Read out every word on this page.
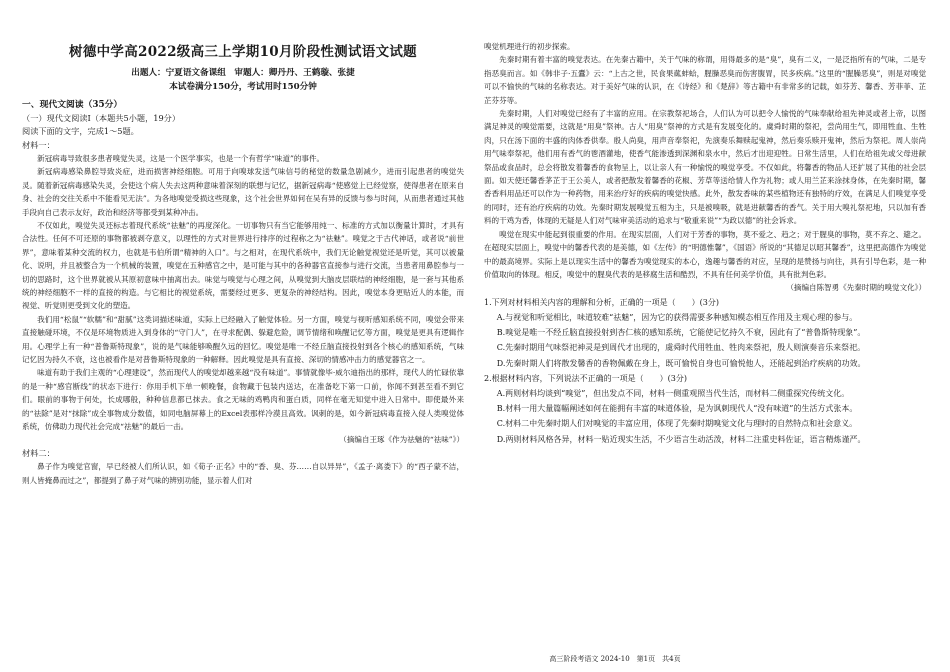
树德中学高2022级高三上学期10月阶段性测试语文试题
出题人：宁夏语文备课组　审题人：卿丹丹、王鹤璇、张捷
本试卷满分150分，考试用时150分钟
一、现代文阅读（35分）
（一）现代文阅读Ⅰ（本题共5小题，19分）
阅读下面的文字，完成1～5题。
材料一：

新冠病毒导致很多患者嗅觉失灵，这是一个医学事实，也是一个有哲学“味道”的事件。

新冠病毒感染鼻腔导致炎症，进而损害神经细胞。可用于向嗅球发送气味信号的秘觉的数量急剧减少，进而引起患者的嗅觉失灵。随着新冠病毒感染失灵，会使这个病人失去这两种意味着深刻的联想与记忆，据新冠病毒“使感觉上已经觉察，使得患者在原来自身、社会的交往关系中不能看见无法”。为各地嗅觉受损这些现象，这个社会世界如何在吴有异的反馈与参与时间，从而患者通过其他手段向自己表示友好，政治和经济等都受到某种冲击。

不仅如此，嗅觉失灵还标志着现代系统“祛魅”的再度深化。一切事物只有当它能够用纯一、标准的方式加以衡量计算时，才具有合法性。任何不可还原的事物都被剥夺意义，以理性的方式对世界进行排序的过程称之为“祛魅”。嗅觉之于古代神话，或者说“前世界”，意味着某种交流的权力，也就是韦伯所谓“精神的入口”。与之相对，在现代系统中，我们无论触觉视觉还是听觉，其可以被量化、说明，并且被整合为一个机械的装置，嗅觉在五种感官之中，是可能与其中的各种器官直接参与进行交流，当患者用鼻腔参与一切的思路时，这个世界就被从其原初意味中抽离出去。味觉与嗅觉与心理之间，从嗅觉到大脑皮层联结的神经细胞，是一套与其他系统的神经细胞不一样的直接的构造。与它相比的视觉系统，需要经过更多、更复杂的神经结构。因此，嗅觉本身更贴近人的本能，而视觉、听觉则更受到文化的塑造。

我们用“松鼠”“软糯”和“甜腻”这类词描述味道，实际上已经融入了触觉体验。另一方面，嗅觉与视听感知系统不同，嗅觉会带来直接触碰环境，不仅是环境物质进入到身体的“守门人”，在寻求配偶、躲避危险，调节情绪和唤醒记忆等方面，嗅觉是更具有逻辑作用。心理学上有一种“普鲁斯特现象”，说的是气味能够唤醒久远的回忆。嗅觉是唯一不经丘脑直接投射到各个核心的感知系统，气味记忆因为持久不衰，这也被看作是对普鲁斯特现象的一种解释。因此嗅觉是具有直接、深切的情感冲击力的感觉器官之一。

味道有助于我们主观的“心理建设”，然而现代人的嗅觉却越来越“没有味道”。事情就像毕·威尔迪指出的那样，现代人的忙碌依靠的是一种“感官断线”的状态下进行：你用手机下单一顿晚餐，食物藏于包装内送达，在准备吃下第一口前，你闻不到甚至看不到它们。眼前的事物于何处，长成哪般，种种信息都已抹去。食之无味的鸡鸭肉和蛋白质，同样在毫无知觉中进入日常中。即使最外来的“祛除”是对“抹除”成全事物成分数值，如同电脑屏幕上的Excel表那样冷漠且高效。讽刺的是，如今新冠病毒直接入侵人类嗅觉体系统，仿佛助力现代社会完成“祛魅”的最后一击。

（摘编自王琢《作为祛魅的“祛味”》）
材料二：

鼻子作为嗅觉官窗，早已经被人们所认识，如《荀子·正名》中的“香、臭、芬……自以异异”，《孟子·离娄下》的“西子蒙不洁，则人皆掩鼻而过之”，都提到了鼻子对气味的辨别功能，显示着人们对

嗅觉机理进行的初步探索。

先秦时期有着丰富的嗅觉表达。在先秦古籍中，关于气味的称谓，用得最多的是“臭”，臭有二义，一是泛指所有的气味，二是专指恶臭而言。如《韩非子·五蠹》云：“上古之世，民食果蓏蚌蛤，腥臊恶臭而伤害腹胃，民多疾病。”这里的“腥臊恶臭”，则是对嗅觉可以不愉快的气味的名称表达。对于美好气味的认识，在《诗经》和《楚辞》等古籍中有非常多的记载，如芬芳、馨香、芳菲菲、芷芷芬芬等。

先秦时期，人们对嗅觉已经有了丰富的应用。在宗教祭祀场合，人们认为可以把令人愉悦的气味奉献给祖先神灵或者上帝，以图满足神灵的嗅觉需要，这就是“用臭”祭神。古人“用臭”祭神的方式是有发展变化的。虞舜时期的祭祀，尝尚用生气，即用牲血、生牲肉，只在汤下面的丰盛的肉体香供奉。殷人尚臭，用声音奉祭祀，先演奏乐舞赎起鬼神，然后奏乐赎开鬼神，然后为祭祀。周人崇尚用气味奉祭祀，他们用有香气的鬯酒灌地，使香气能渗透到深渊和泉水中，然后才出迎迎牲。日常生活里，人们在给祖先或父母进献祭品或食品时，总会将散发着馨香的食物呈上，以让亲人有一种愉悦的嗅觉享受。不仅如此，将馨香的物品人还扩展了其他的社会层面。如天使还馨香茅芷于王公美人，或者把散发着馨香的花椒、芳草等送给情人作为礼物；或人用兰芷来涂抹身体，在先秦时期，馨香香料用品还可以作为一种药物，用来治疗好的疾病的嗅觉快感。此外，散发香味的某些植物还有独特的疗效，在满足人们嗅觉享受的同时，还有治疗疾病的功效。先秦时期发展嗅觉五相为主，只是被嗅吸，就是进献馨香的香气。关于用大嗅礼祭祀地，只以加有香料的干鸡为香，体现的无疑是人们对气味审美活动的追求与“敬重来说”“为政以德”的社会诉求。

嗅觉在现实中能起到很重要的作用。在现实层面，人们对于芳香的事物，莫不爱之、趋之；对于腥臭的事物，莫不弃之、避之。在超现实层面上，嗅觉中的馨香代表的是美德，如《左传》的“明德惟馨”，《国语》所说的“其德足以昭其馨香”，这里把高德作为嗅觉中的最高境界。实际上是以现实生活中的馨香为嗅觉现实的本心，逸趣与馨香的对应，呈现的是赞扬与向往，具有引导色彩，是一种价值取向的体现。相反，嗅觉中的腥臭代表的是移腐生活和酷烈，不具有任何美学价值，具有批判色彩。

（摘编自陈智勇《先秦时期的嗅觉文化》）
1.下列对材料相关内容的理解和分析，正确的一项是（　　）(3分)
A.与视觉和听觉相比，味道较难“祛魅”，因为它的获得需要多种感知模态相互作用及主观心理的参与。
B.嗅觉是唯一不经丘脑直接投射到杏仁核的感知系统，它能使记忆持久不衰，因此有了“普鲁斯特现象”。
C.先秦时期用气味祭祀神灵是到周代才出现的，虞舜时代用牲血、牲肉来祭祀，殷人则演奏音乐来祭祀。
D.先秦时期人们将散发馨香的香物佩戴在身上，既可愉悦自身也可愉悦他人，还能起到治疗疾病的功效。
2.根据材料内容，下列说法不正确的一项是（　　）(3分)
A.两则材料均谈到“嗅觉”，但出发点不同，材料一侧重观照当代生活，而材料二侧重探究传统文化。
B.材料一用大量篇幅阐述如何在能拥有丰富的味道体验，是为讽刺现代人“没有味道”的生活方式张本。
C.材料二中先秦时期人们对嗅觉的丰富应用，体现了先秦时期嗅觉文化与理时的自然特点和社会意义。
D.两则材料风格各异，材料一贴近现实生活，不少语言生动活泼，材料二注重史料佐证，语言精炼谨严。
高三阶段考语文 2024-10　第1页　共4页
